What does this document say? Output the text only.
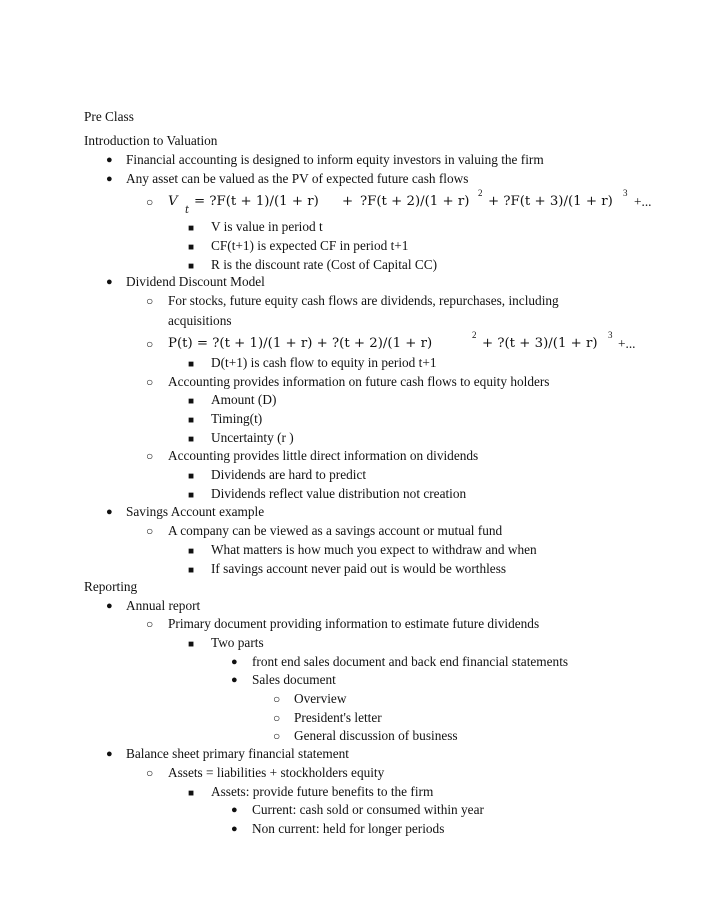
Pre Class
Introduction to Valuation
● Financial accounting is designed to inform equity investors in valuing the firm
● Any asset can be valued as the PV of expected future cash flows
○ V
t
= ?F(t + 1)/(1 + r) + ?F(t + 2)/(1 + r)
2
+ ?F(t + 3)/(1 + r)
3
+...
■ V is value in period t
■ CF(t+1) is expected CF in period t+1
■ R is the discount rate (Cost of Capital CC)
● Dividend Discount Model
○ For stocks, future equity cash flows are dividends, repurchases, including
acquisitions
○ P(t) = ?(t + 1)/(1 + r) + ?(t + 2)/(1 + r)
2
+ ?(t + 3)/(1 + r)
3
+...
■ D(t+1) is cash flow to equity in period t+1
○ Accounting provides information on future cash flows to equity holders
■ Amount (D)
■ Timing(t)
■ Uncertainty (r )
○ Accounting provides little direct information on dividends
■ Dividends are hard to predict
■ Dividends reflect value distribution not creation
● Savings Account example
○ A company can be viewed as a savings account or mutual fund
■ What matters is how much you expect to withdraw and when
■ If savings account never paid out is would be worthless
Reporting
● Annual report
○ Primary document providing information to estimate future dividends
■ Two parts
● front end sales document and back end financial statements
● Sales document
○ Overview
○ President's letter
○ General discussion of business
● Balance sheet primary financial statement
○ Assets = liabilities + stockholders equity
■ Assets: provide future benefits to the firm
● Current: cash sold or consumed within year
● Non current: held for longer periods
